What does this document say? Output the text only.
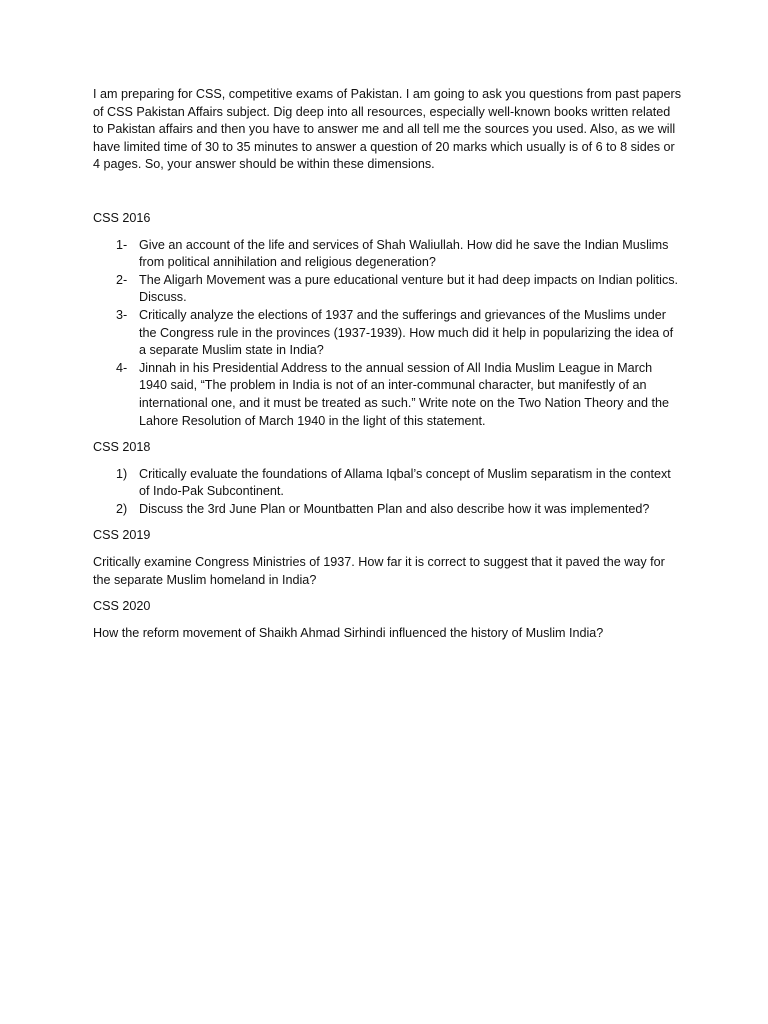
I am preparing for CSS, competitive exams of Pakistan. I am going to ask you questions from past papers of CSS Pakistan Affairs subject. Dig deep into all resources, especially well-known books written related to Pakistan affairs and then you have to answer me and all tell me the sources you used. Also, as we will have limited time of 30 to 35 minutes to answer a question of 20 marks which usually is of 6 to 8 sides or 4 pages. So, your answer should be within these dimensions.

CSS 2016

1- Give an account of the life and services of Shah Waliullah. How did he save the Indian Muslims from political annihilation and religious degeneration?
2- The Aligarh Movement was a pure educational venture but it had deep impacts on Indian politics. Discuss.
3- Critically analyze the elections of 1937 and the sufferings and grievances of the Muslims under the Congress rule in the provinces (1937-1939). How much did it help in popularizing the idea of a separate Muslim state in India?
4- Jinnah in his Presidential Address to the annual session of All India Muslim League in March 1940 said, “The problem in India is not of an inter-communal character, but manifestly of an international one, and it must be treated as such.” Write note on the Two Nation Theory and the Lahore Resolution of March 1940 in the light of this statement.

CSS 2018

1) Critically evaluate the foundations of Allama Iqbal’s concept of Muslim separatism in the context of Indo-Pak Subcontinent.
2) Discuss the 3rd June Plan or Mountbatten Plan and also describe how it was implemented?

CSS 2019

Critically examine Congress Ministries of 1937. How far it is correct to suggest that it paved the way for the separate Muslim homeland in India?

CSS 2020

How the reform movement of Shaikh Ahmad Sirhindi influenced the history of Muslim India?
